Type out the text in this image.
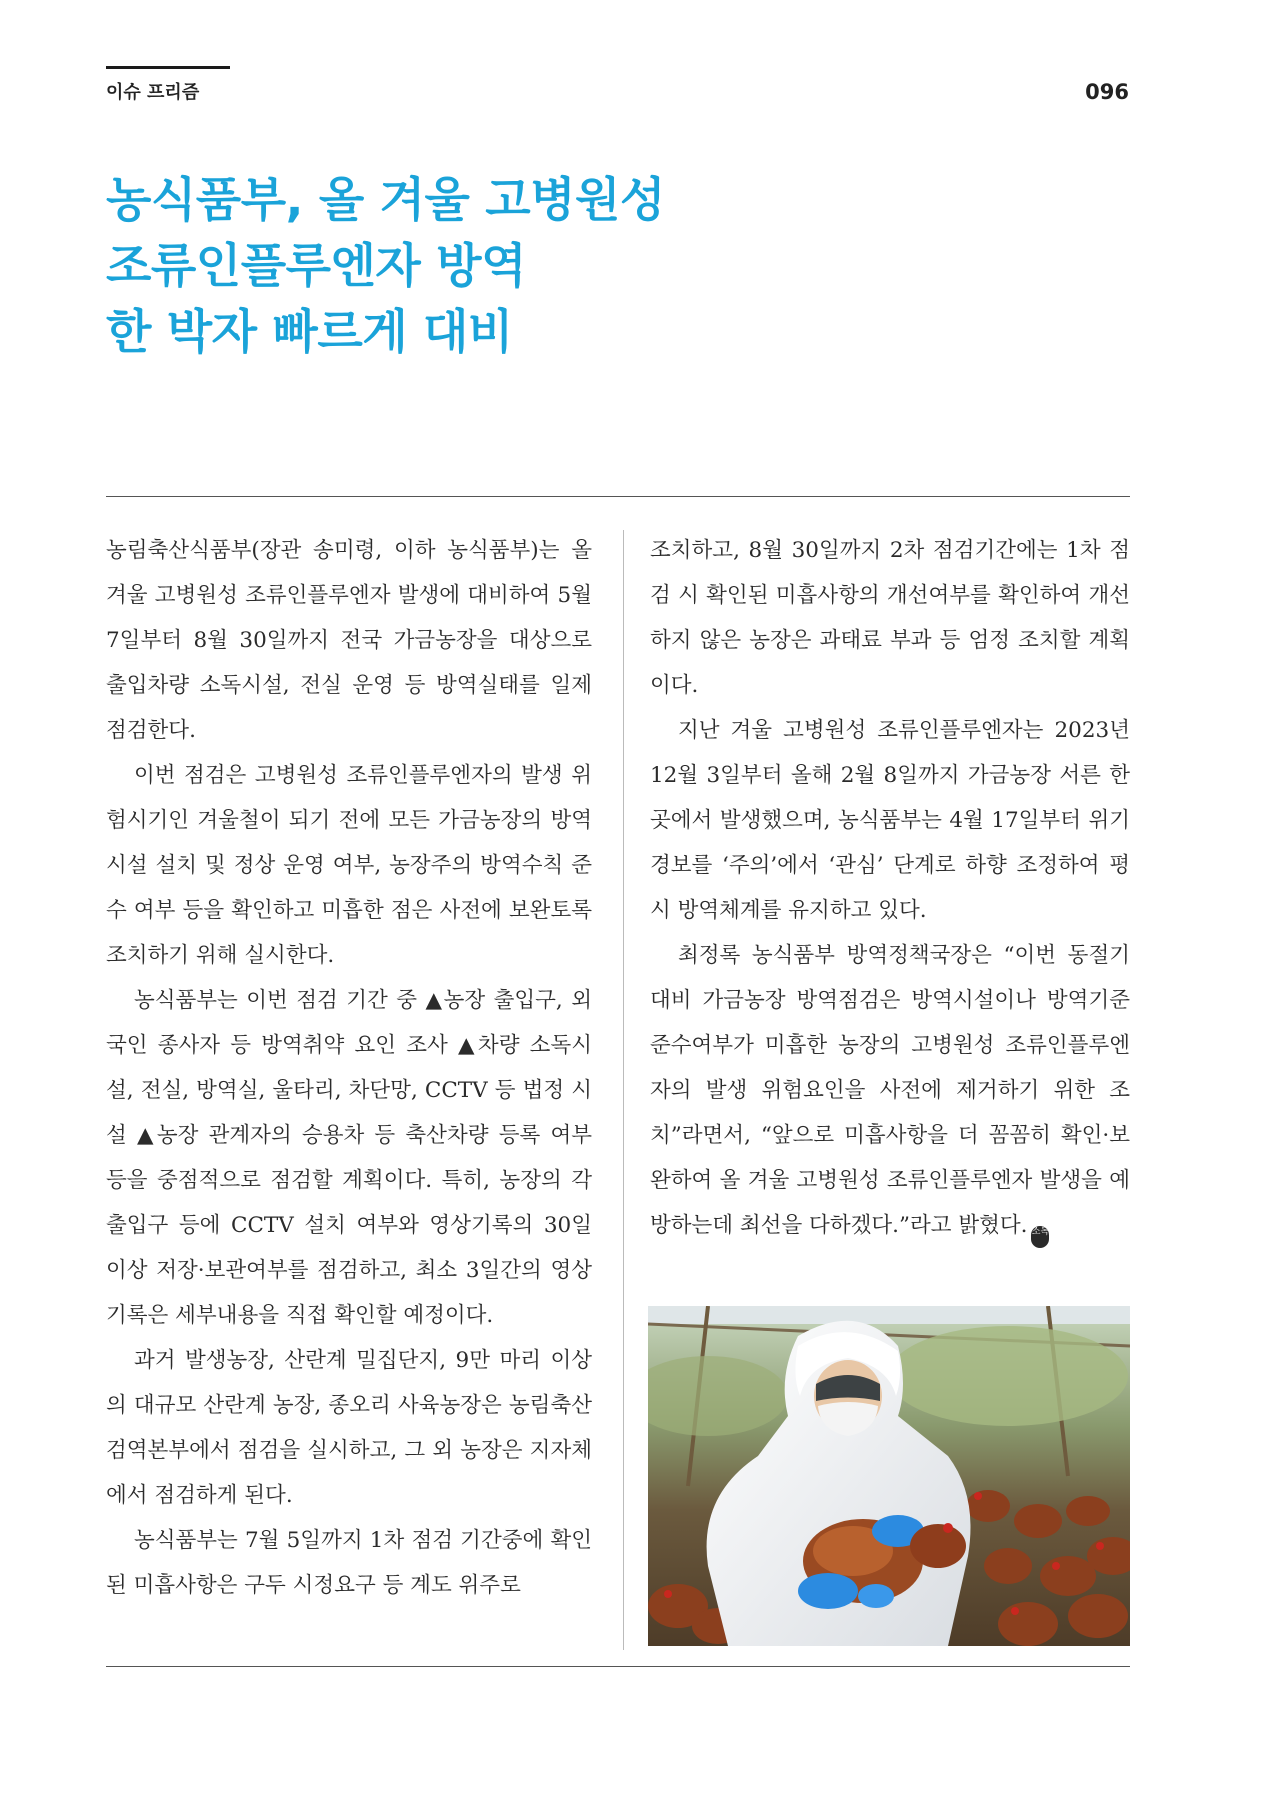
이슈 프리즘	096
농식품부, 올 겨울 고병원성
조류인플루엔자 방역
한 박자 빠르게 대비

농림축산식품부(장관 송미령, 이하 농식품부)는 올 겨울 고병원성 조류인플루엔자 발생에 대비하여 5월 7일부터 8월 30일까지 전국 가금농장을 대상으로 출입차량 소독시설, 전실 운영 등 방역실태를 일제 점검한다.

이번 점검은 고병원성 조류인플루엔자의 발생 위험시기인 겨울철이 되기 전에 모든 가금농장의 방역시설 설치 및 정상 운영 여부, 농장주의 방역수칙 준수 여부 등을 확인하고 미흡한 점은 사전에 보완토록 조치하기 위해 실시한다.

농식품부는 이번 점검 기간 중 ▲농장 출입구, 외국인 종사자 등 방역취약 요인 조사 ▲차량 소독시설, 전실, 방역실, 울타리, 차단망, CCTV 등 법정 시설 ▲농장 관계자의 승용차 등 축산차량 등록 여부 등을 중점적으로 점검할 계획이다. 특히, 농장의 각 출입구 등에 CCTV 설치 여부와 영상기록의 30일 이상 저장·보관여부를 점검하고, 최소 3일간의 영상기록은 세부내용을 직접 확인할 예정이다.

과거 발생농장, 산란계 밀집단지, 9만 마리 이상의 대규모 산란계 농장, 종오리 사육농장은 농림축산검역본부에서 점검을 실시하고, 그 외 농장은 지자체에서 점검하게 된다.

농식품부는 7월 5일까지 1차 점검 기간중에 확인된 미흡사항은 구두 시정요구 등 계도 위주로

조치하고, 8월 30일까지 2차 점검기간에는 1차 점검 시 확인된 미흡사항의 개선여부를 확인하여 개선하지 않은 농장은 과태료 부과 등 엄정 조치할 계획이다.

지난 겨울 고병원성 조류인플루엔자는 2023년 12월 3일부터 올해 2월 8일까지 가금농장 서른 한 곳에서 발생했으며, 농식품부는 4월 17일부터 위기경보를 ‘주의’에서 ‘관심’ 단계로 하향 조정하여 평시 방역체계를 유지하고 있다.

최정록 농식품부 방역정책국장은 “이번 동절기 대비 가금농장 방역점검은 방역시설이나 방역기준 준수여부가 미흡한 농장의 고병원성 조류인플루엔자의 발생 위험요인을 사전에 제거하기 위한 조치”라면서, “앞으로 미흡사항을 더 꼼꼼히 확인·보완하여 올 겨울 고병원성 조류인플루엔자 발생을 예방하는데 최선을 다하겠다.”라고 밝혔다. 소독
